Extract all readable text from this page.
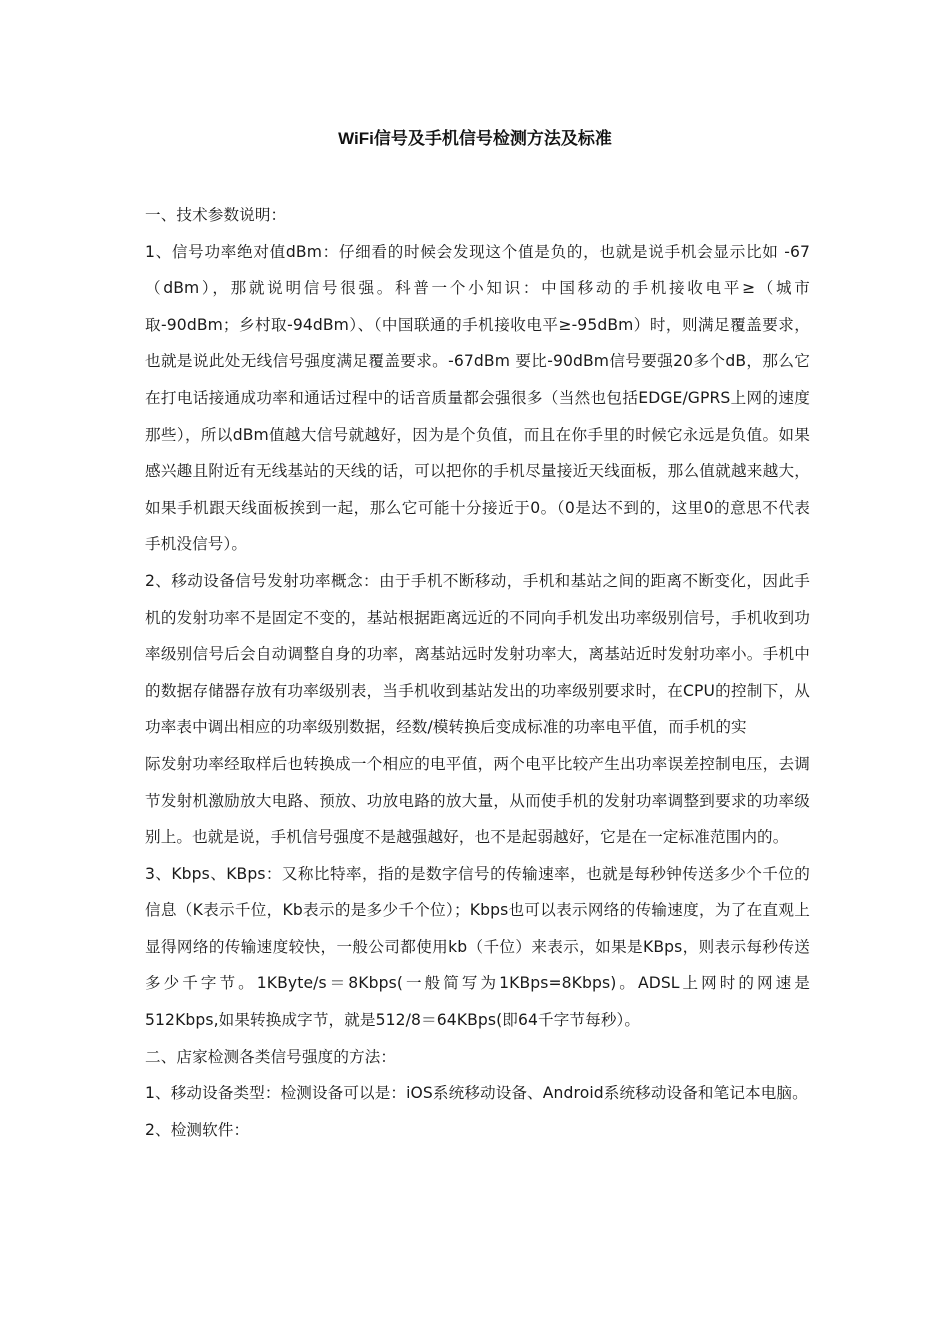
WiFi信号及手机信号检测方法及标准

一、技术参数说明：

1、信号功率绝对值dBm：仔细看的时候会发现这个值是负的，也就是说手机会显示比如 -67（dBm），那就说明信号很强。科普一个小知识：中国移动的手机接收电平≥（城市取-90dBm；乡村取-94dBm）、（中国联通的手机接收电平≥-95dBm）时，则满足覆盖要求，也就是说此处无线信号强度满足覆盖要求。-67dBm 要比-90dBm信号要强20多个dB，那么它在打电话接通成功率和通话过程中的话音质量都会强很多（当然也包括EDGE/GPRS上网的速度那些），所以dBm值越大信号就越好，因为是个负值，而且在你手里的时候它永远是负值。如果感兴趣且附近有无线基站的天线的话，可以把你的手机尽量接近天线面板，那么值就越来越大，如果手机跟天线面板挨到一起，那么它可能十分接近于0。（0是达不到的，这里0的意思不代表手机没信号）。

2、移动设备信号发射功率概念：由于手机不断移动，手机和基站之间的距离不断变化，因此手机的发射功率不是固定不变的，基站根据距离远近的不同向手机发出功率级别信号，手机收到功率级别信号后会自动调整自身的功率，离基站远时发射功率大，离基站近时发射功率小。手机中的数据存储器存放有功率级别表，当手机收到基站发出的功率级别要求时，在CPU的控制下，从功率表中调出相应的功率级别数据，经数/模转换后变成标准的功率电平值，而手机的实

际发射功率经取样后也转换成一个相应的电平值，两个电平比较产生出功率误差控制电压，去调节发射机激励放大电路、预放、功放电路的放大量，从而使手机的发射功率调整到要求的功率级别上。也就是说，手机信号强度不是越强越好，也不是起弱越好，它是在一定标准范围内的。

3、Kbps、KBps：又称比特率，指的是数字信号的传输速率，也就是每秒钟传送多少个千位的信息（K表示千位，Kb表示的是多少千个位）；Kbps也可以表示网络的传输速度，为了在直观上显得网络的传输速度较快，一般公司都使用kb（千位）来表示，如果是KBps，则表示每秒传送多少千字节。1KByte/s＝8Kbps(一般简写为1KBps=8Kbps)。ADSL上网时的网速是512Kbps,如果转换成字节，就是512/8＝64KBps(即64千字节每秒）。

二、店家检测各类信号强度的方法：

1、移动设备类型：检测设备可以是：iOS系统移动设备、Android系统移动设备和笔记本电脑。

2、检测软件：
